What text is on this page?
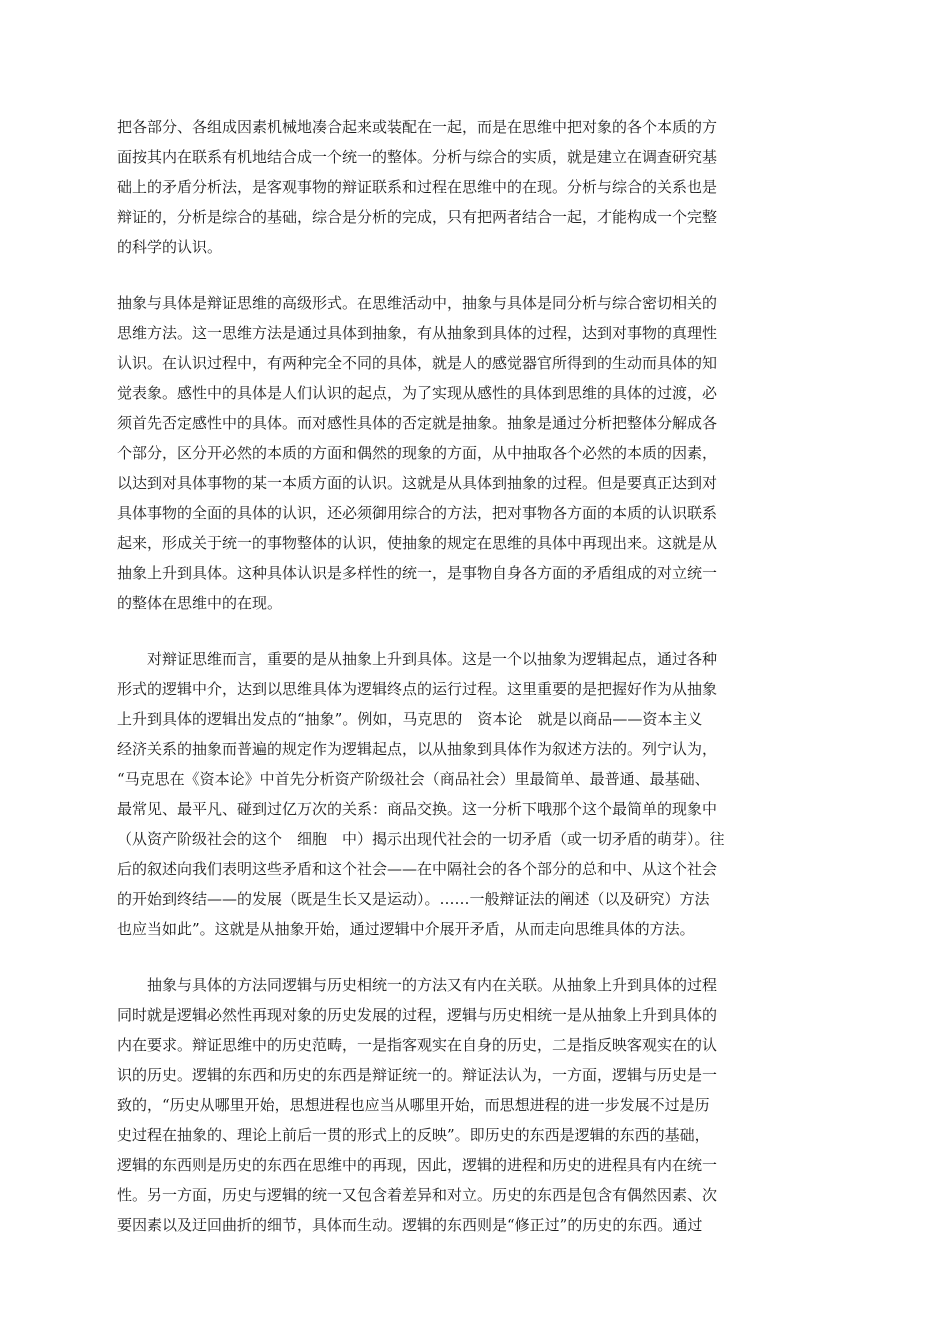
把各部分、各组成因素机械地凑合起来或装配在一起，而是在思维中把对象的各个本质的方
面按其内在联系有机地结合成一个统一的整体。分析与综合的实质，就是建立在调查研究基
础上的矛盾分析法，是客观事物的辩证联系和过程在思维中的在现。分析与综合的关系也是
辩证的，分析是综合的基础，综合是分析的完成，只有把两者结合一起，才能构成一个完整
的科学的认识。
抽象与具体是辩证思维的高级形式。在思维活动中，抽象与具体是同分析与综合密切相关的
思维方法。这一思维方法是通过具体到抽象，有从抽象到具体的过程，达到对事物的真理性
认识。在认识过程中，有两种完全不同的具体，就是人的感觉器官所得到的生动而具体的知
觉表象。感性中的具体是人们认识的起点，为了实现从感性的具体到思维的具体的过渡，必
须首先否定感性中的具体。而对感性具体的否定就是抽象。抽象是通过分析把整体分解成各
个部分，区分开必然的本质的方面和偶然的现象的方面，从中抽取各个必然的本质的因素，
以达到对具体事物的某一本质方面的认识。这就是从具体到抽象的过程。但是要真正达到对
具体事物的全面的具体的认识，还必须御用综合的方法，把对事物各方面的本质的认识联系
起来，形成关于统一的事物整体的认识，使抽象的规定在思维的具体中再现出来。这就是从
抽象上升到具体。这种具体认识是多样性的统一，是事物自身各方面的矛盾组成的对立统一
的整体在思维中的在现。
　　对辩证思维而言，重要的是从抽象上升到具体。这是一个以抽象为逻辑起点，通过各种
形式的逻辑中介，达到以思维具体为逻辑终点的运行过程。这里重要的是把握好作为从抽象
上升到具体的逻辑出发点的“抽象”。例如，马克思的　资本论　就是以商品——资本主义
经济关系的抽象而普遍的规定作为逻辑起点，以从抽象到具体作为叙述方法的。列宁认为，
“马克思在《资本论》中首先分析资产阶级社会（商品社会）里最简单、最普通、最基础、
最常见、最平凡、碰到过亿万次的关系：商品交换。这一分析下哦那个这个最简单的现象中
（从资产阶级社会的这个　细胞　中）揭示出现代社会的一切矛盾（或一切矛盾的萌芽）。往
后的叙述向我们表明这些矛盾和这个社会——在中隔社会的各个部分的总和中、从这个社会
的开始到终结——的发展（既是生长又是运动）。……一般辩证法的阐述（以及研究）方法
也应当如此”。这就是从抽象开始，通过逻辑中介展开矛盾，从而走向思维具体的方法。
　　抽象与具体的方法同逻辑与历史相统一的方法又有内在关联。从抽象上升到具体的过程
同时就是逻辑必然性再现对象的历史发展的过程，逻辑与历史相统一是从抽象上升到具体的
内在要求。辩证思维中的历史范畴，一是指客观实在自身的历史，二是指反映客观实在的认
识的历史。逻辑的东西和历史的东西是辩证统一的。辩证法认为，一方面，逻辑与历史是一
致的，“历史从哪里开始，思想进程也应当从哪里开始，而思想进程的进一步发展不过是历
史过程在抽象的、理论上前后一贯的形式上的反映”。即历史的东西是逻辑的东西的基础，
逻辑的东西则是历史的东西在思维中的再现，因此，逻辑的进程和历史的进程具有内在统一
性。另一方面，历史与逻辑的统一又包含着差异和对立。历史的东西是包含有偶然因素、次
要因素以及迂回曲折的细节，具体而生动。逻辑的东西则是“修正过”的历史的东西。通过
